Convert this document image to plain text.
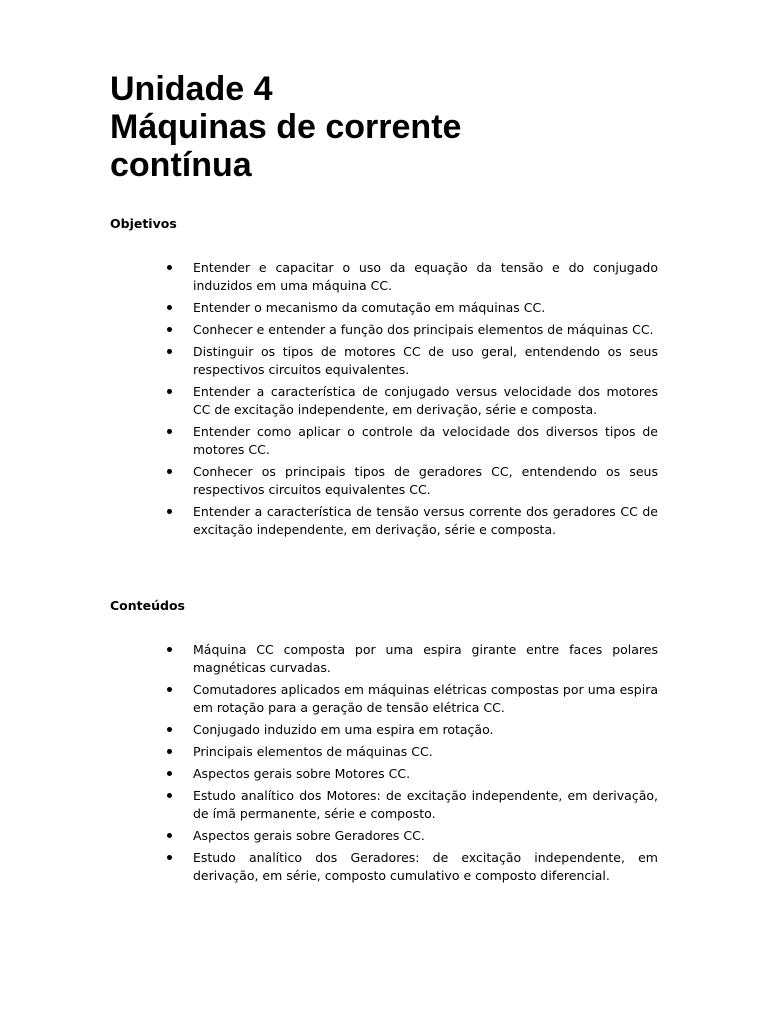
Unidade 4
Máquinas de corrente
contínua
Objetivos
Entender e capacitar o uso da equação da tensão e do conjugado induzidos em uma máquina CC.
Entender o mecanismo da comutação em máquinas CC.
Conhecer e entender a função dos principais elementos de máquinas CC.
Distinguir os tipos de motores CC de uso geral, entendendo os seus respectivos circuitos equivalentes.
Entender a característica de conjugado versus velocidade dos motores CC de excitação independente, em derivação, série e composta.
Entender como aplicar o controle da velocidade dos diversos tipos de motores CC.
Conhecer os principais tipos de geradores CC, entendendo os seus respectivos circuitos equivalentes CC.
Entender a característica de tensão versus corrente dos geradores CC de excitação independente, em derivação, série e composta.
Conteúdos
Máquina CC composta por uma espira girante entre faces polares magnéticas curvadas.
Comutadores aplicados em máquinas elétricas compostas por uma espira em rotação para a geração de tensão elétrica CC.
Conjugado induzido em uma espira em rotação.
Principais elementos de máquinas CC.
Aspectos gerais sobre Motores CC.
Estudo analítico dos Motores: de excitação independente, em derivação, de ímã permanente, série e composto.
Aspectos gerais sobre Geradores CC.
Estudo analítico dos Geradores: de excitação independente, em derivação, em série, composto cumulativo e composto diferencial.
